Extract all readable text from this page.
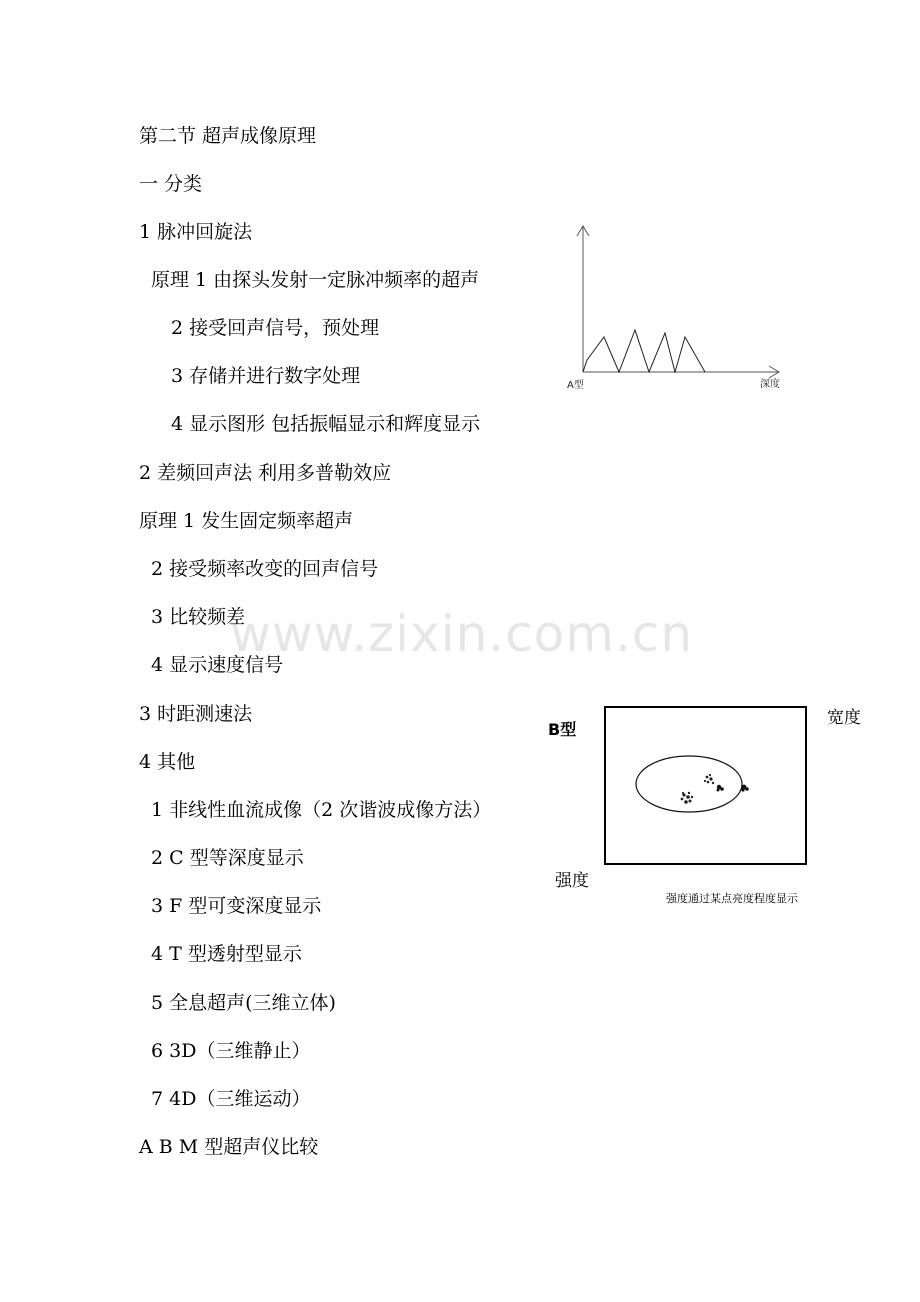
www.zixin.com.cn
第二节 超声成像原理
一 分类
1 脉冲回旋法
原理 1 由探头发射一定脉冲频率的超声
2 接受回声信号，预处理
3 存储并进行数字处理
4 显示图形 包括振幅显示和辉度显示
2 差频回声法 利用多普勒效应
原理 1 发生固定频率超声
2 接受频率改变的回声信号
3 比较频差
4 显示速度信号
3 时距测速法
4 其他
1 非线性血流成像（2 次谐波成像方法）
2 C 型等深度显示
3 F 型可变深度显示
4 T 型透射型显示
5 全息超声(三维立体)
6 3D（三维静止）
7 4D（三维运动）
A B M 型超声仪比较
A型	深度
B型
宽度
强度
强度通过某点亮度程度显示
